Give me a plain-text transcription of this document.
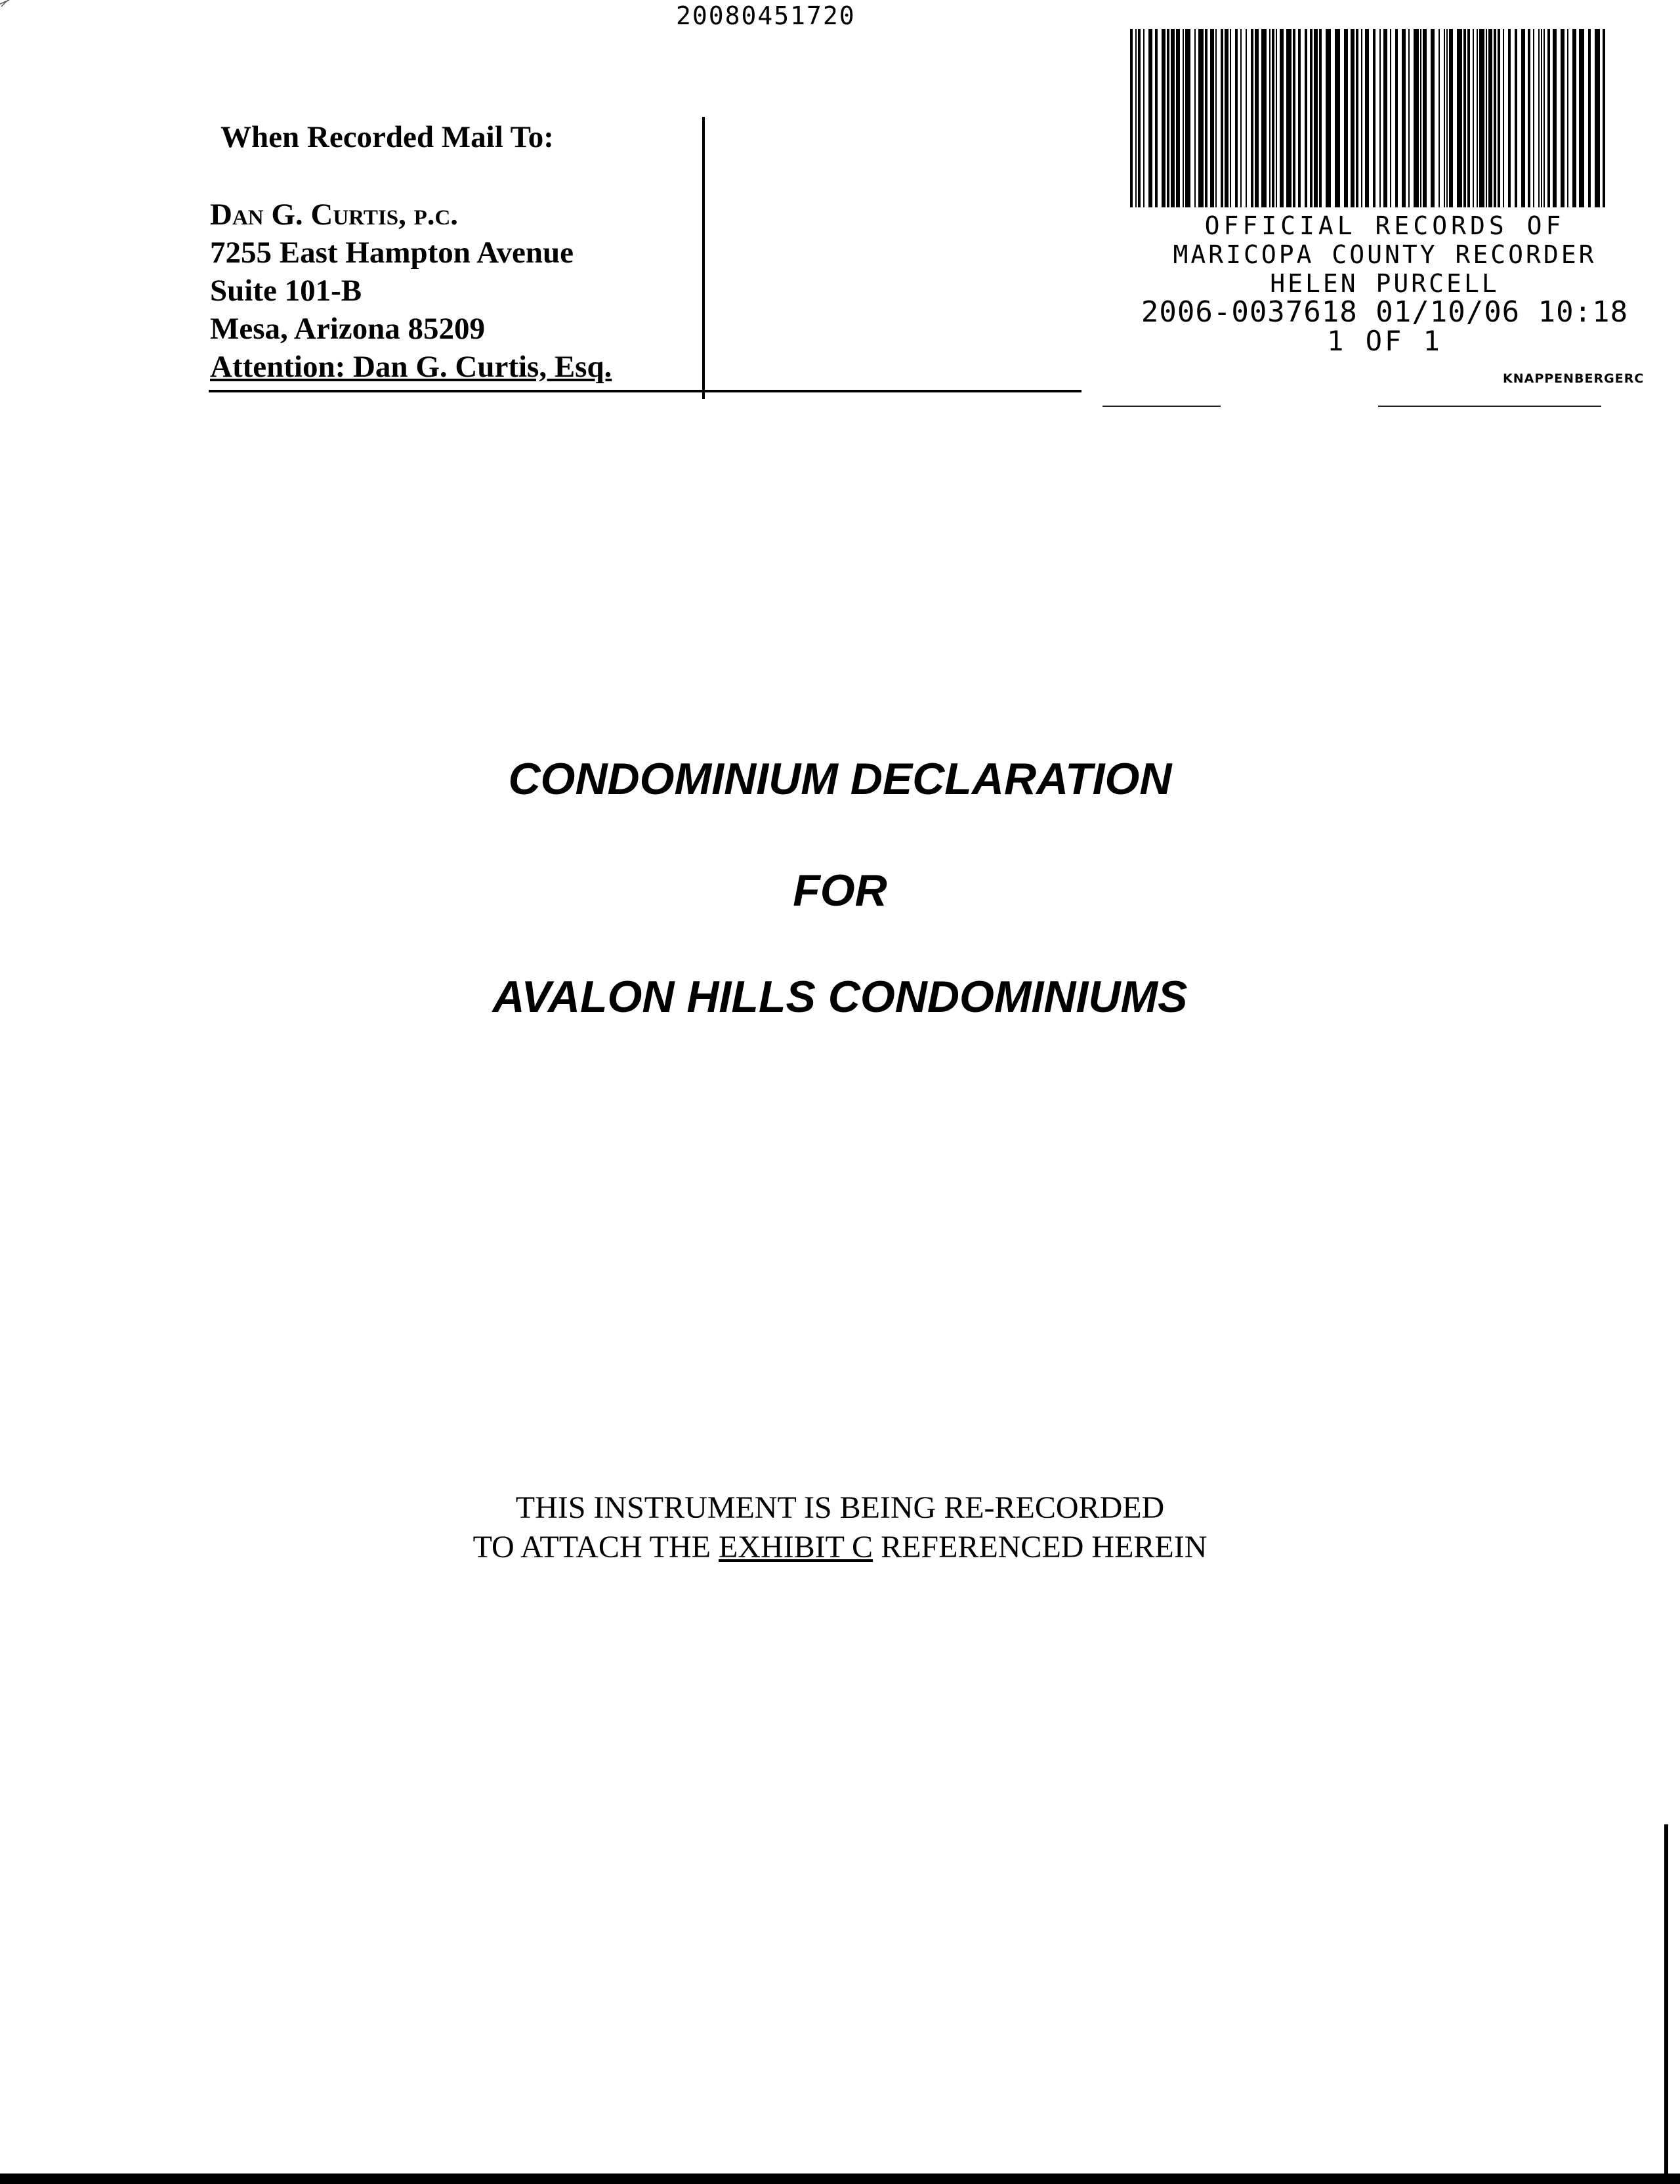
20080451720
When Recorded Mail To:
Dan G. Curtis, p.c.
7255 East Hampton Avenue
Suite 101-B
Mesa, Arizona 85209
Attention: Dan G. Curtis, Esq.
OFFICIAL RECORDS OF
MARICOPA COUNTY RECORDER
HELEN PURCELL
2006-0037618 01/10/06 10:18
1 OF 1
KNAPPENBERGERC
CONDOMINIUM DECLARATION
FOR
AVALON HILLS CONDOMINIUMS
THIS INSTRUMENT IS BEING RE-RECORDED
TO ATTACH THE EXHIBIT C REFERENCED HEREIN
